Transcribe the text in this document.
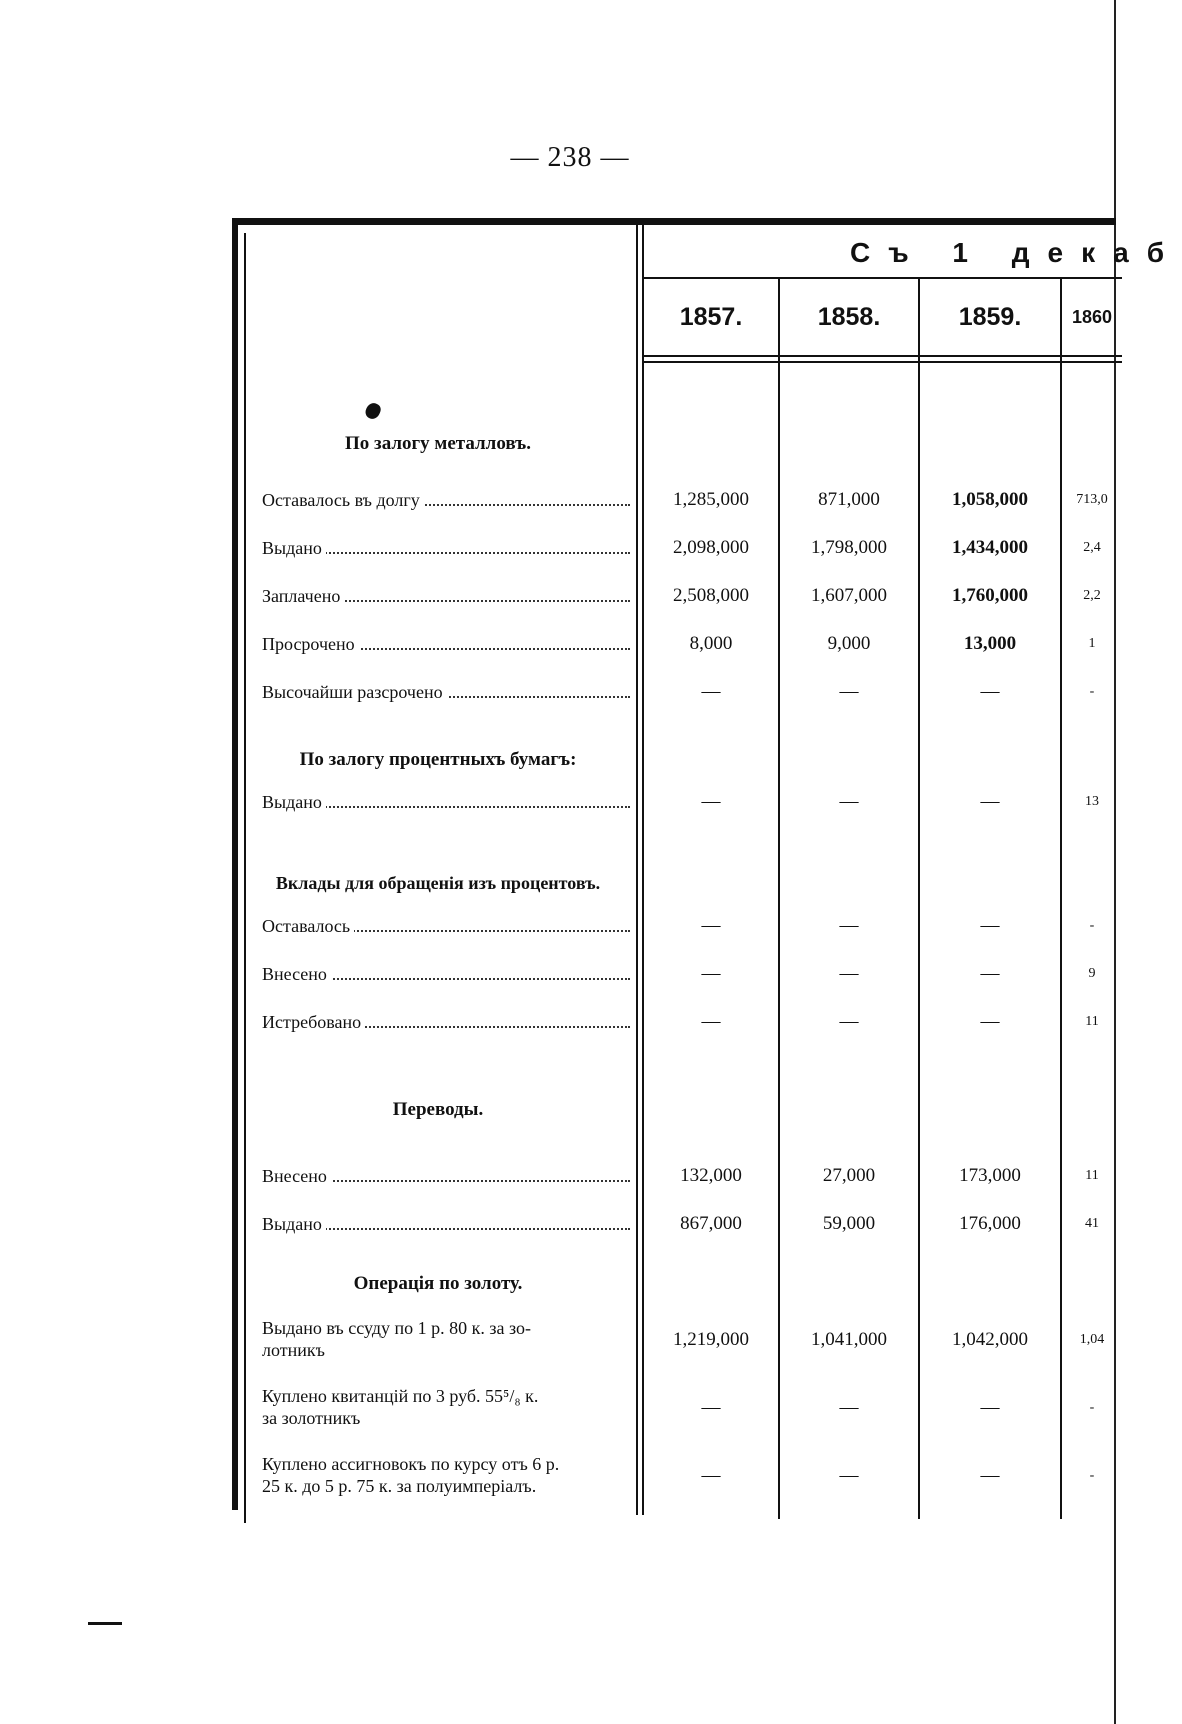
— 238 —
Съ 1 декаб
1857.	1858.	1859.	1860
По залогу металловъ.
По залогу процентныхъ бумагъ:
Вклады для обращенія изъ процентовъ.
Переводы.
Операція по золоту.
Оставалось въ долгу	1,285,000	871,000	1,058,000	713,0
Выдано	2,098,000	1,798,000	1,434,000	2,4
Заплачено	2,508,000	1,607,000	1,760,000	2,2
Просрочено	8,000	9,000	13,000	1
Высочайши разсрочено	—	—	—	-
Выдано	—	—	—	13
Оставалось	—	—	—	-
Внесено	—	—	—	9
Истребовано	—	—	—	11
Внесено	132,000	27,000	173,000	11
Выдано	867,000	59,000	176,000	41
Выдано въ ссуду по 1 р. 80 к. за зо-
лотникъ	1,219,000	1,041,000	1,042,000	1,04
Куплено квитанцій по 3 руб. 55⁵/₈ к.
за золотникъ	—	—	—	-
Куплено ассигновокъ по курсу отъ 6 р.
25 к. до 5 р. 75 к. за полуимперіалъ.	—	—	—	-
